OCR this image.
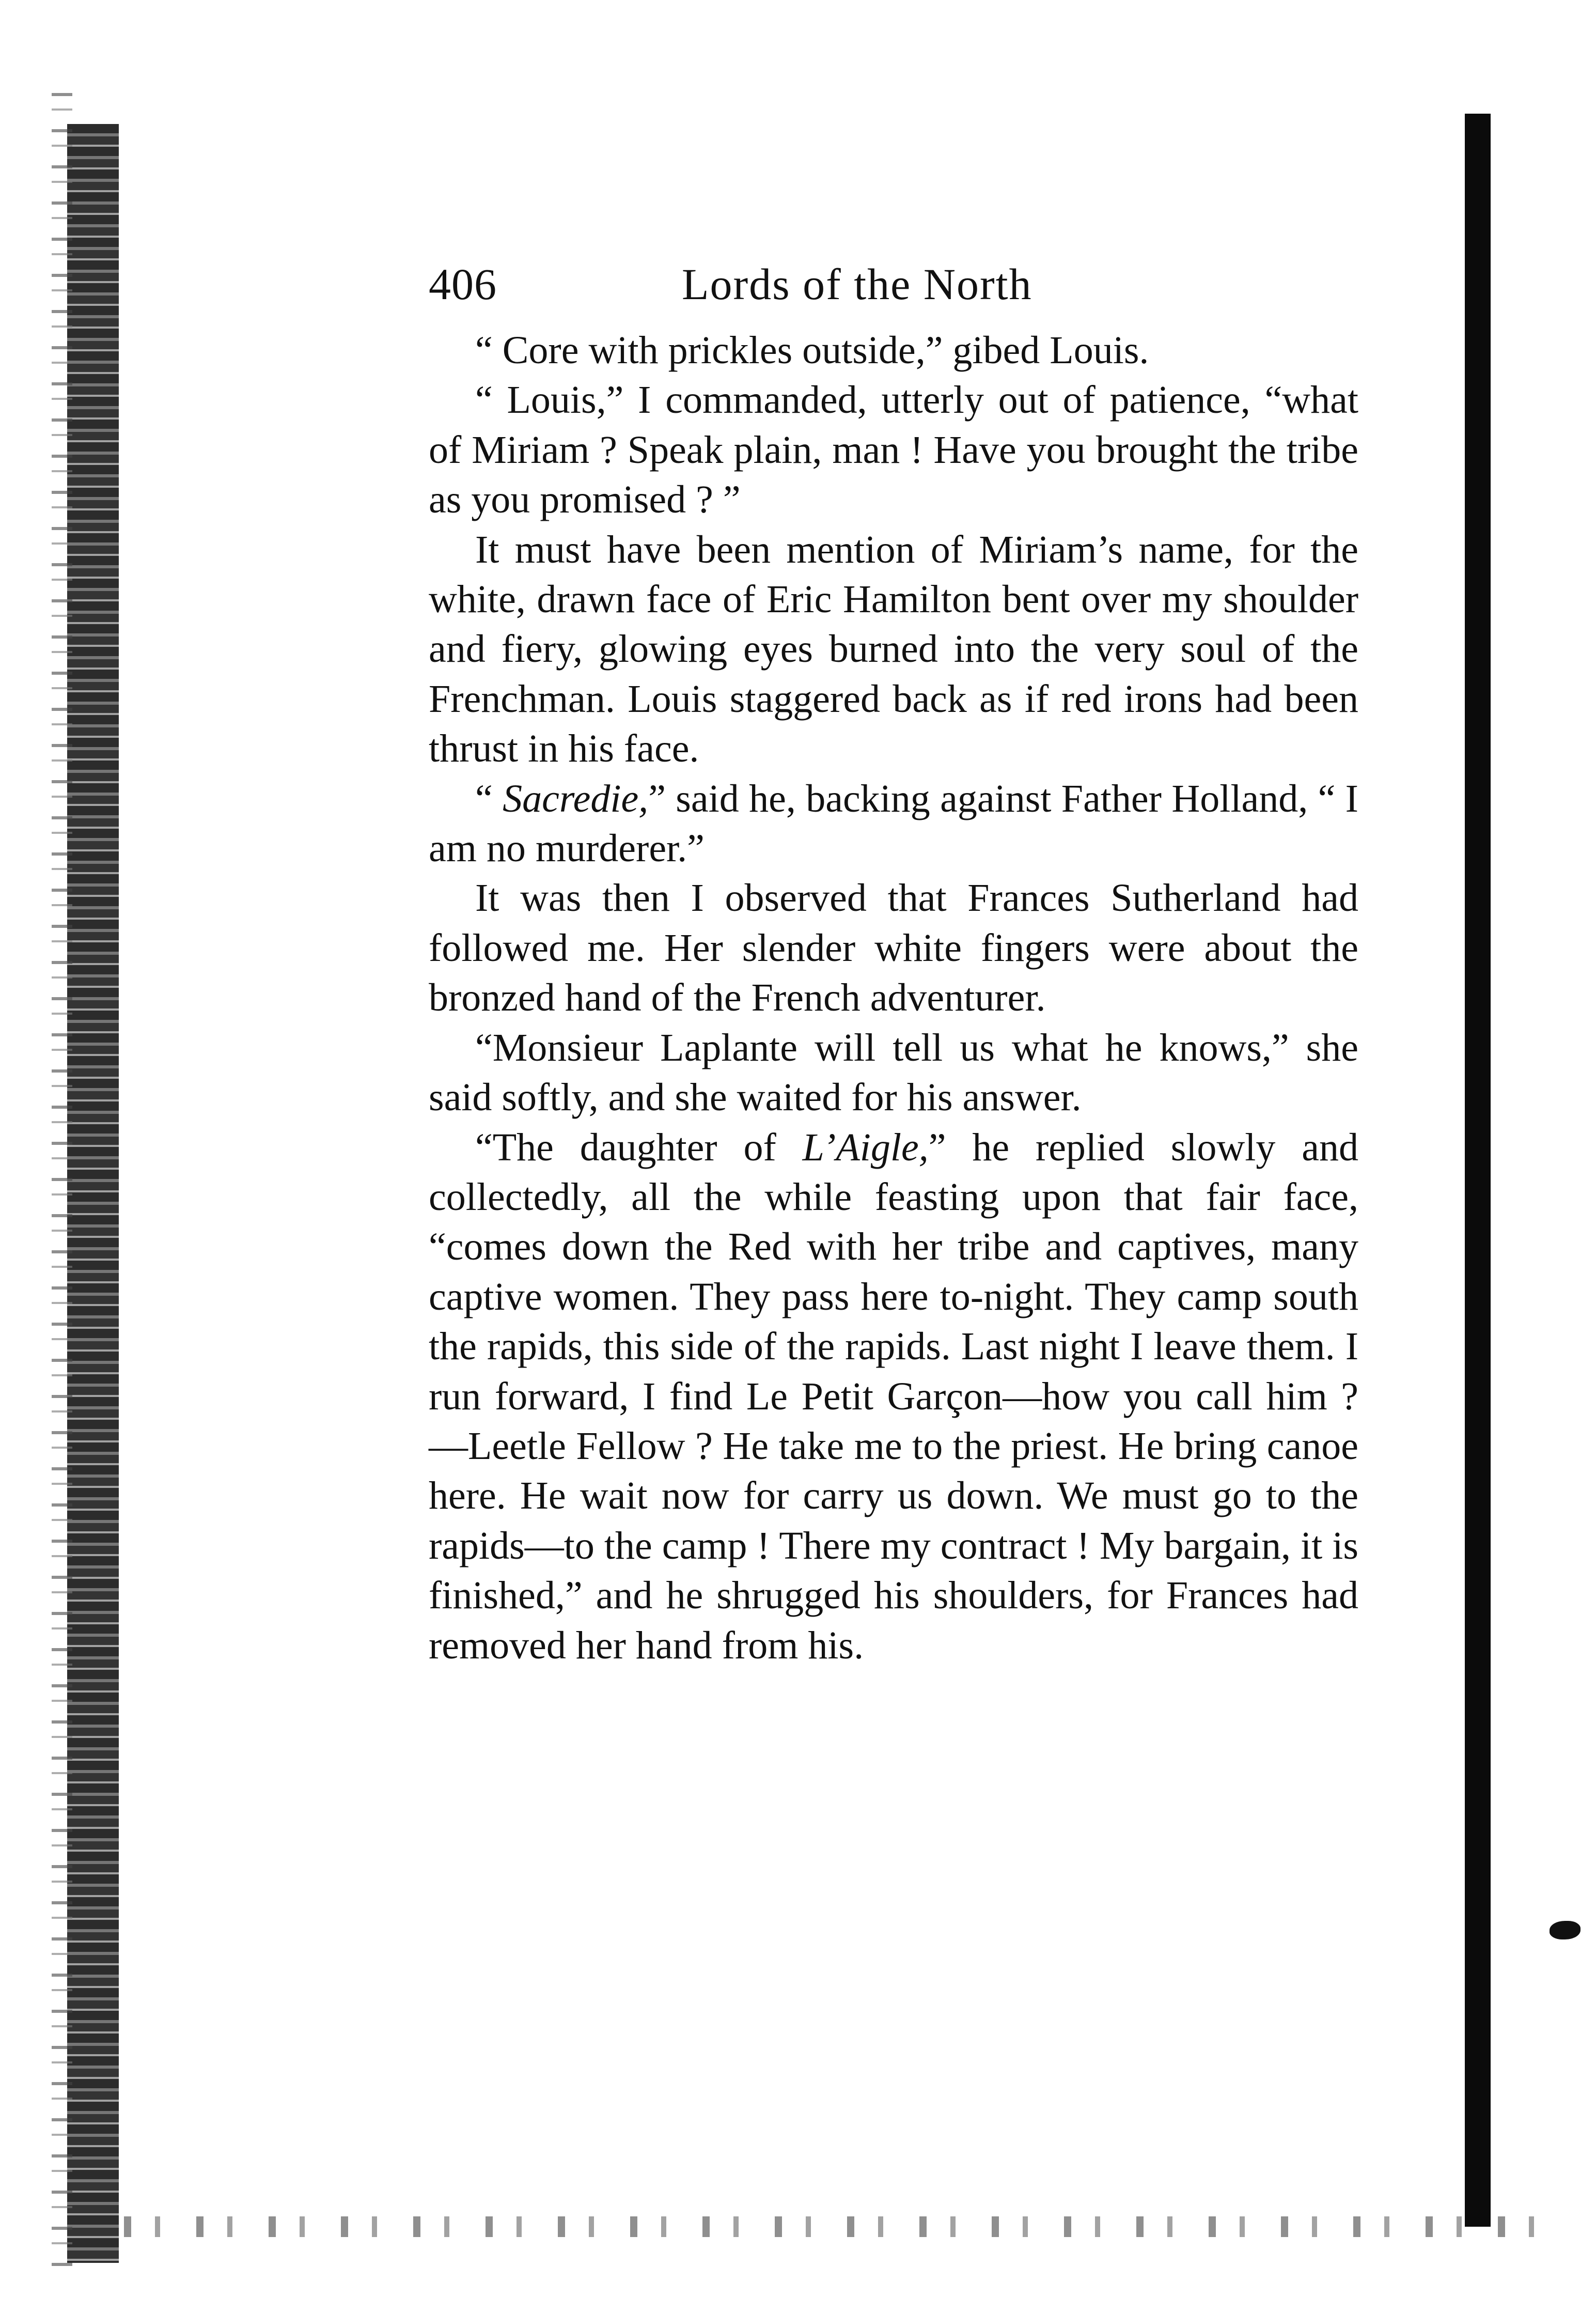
406	Lords of the North

“ Core with prickles outside,” gibed Louis.

“ Louis,” I commanded, utterly out of patience, “what of Miriam ? Speak plain, man ! Have you brought the tribe as you promised ? ”

It must have been mention of Miriam’s name, for the white, drawn face of Eric Hamilton bent over my shoulder and fiery, glowing eyes burned into the very soul of the Frenchman. Louis staggered back as if red irons had been thrust in his face.

“ Sacredie,” said he, backing against Father Holland, “ I am no murderer.”

It was then I observed that Frances Sutherland had followed me. Her slender white fingers were about the bronzed hand of the French adventurer.

“Monsieur Laplante will tell us what he knows,” she said softly, and she waited for his answer.

“The daughter of L’Aigle,” he replied slowly and collectedly, all the while feasting upon that fair face, “comes down the Red with her tribe and captives, many captive women. They pass here to-night. They camp south the rapids, this side of the rapids. Last night I leave them. I run forward, I find Le Petit Garçon—how you call him ?—Leetle Fellow ? He take me to the priest. He bring canoe here. He wait now for carry us down. We must go to the rapids—to the camp ! There my contract ! My bargain, it is finished,” and he shrugged his shoulders, for Frances had removed her hand from his.
